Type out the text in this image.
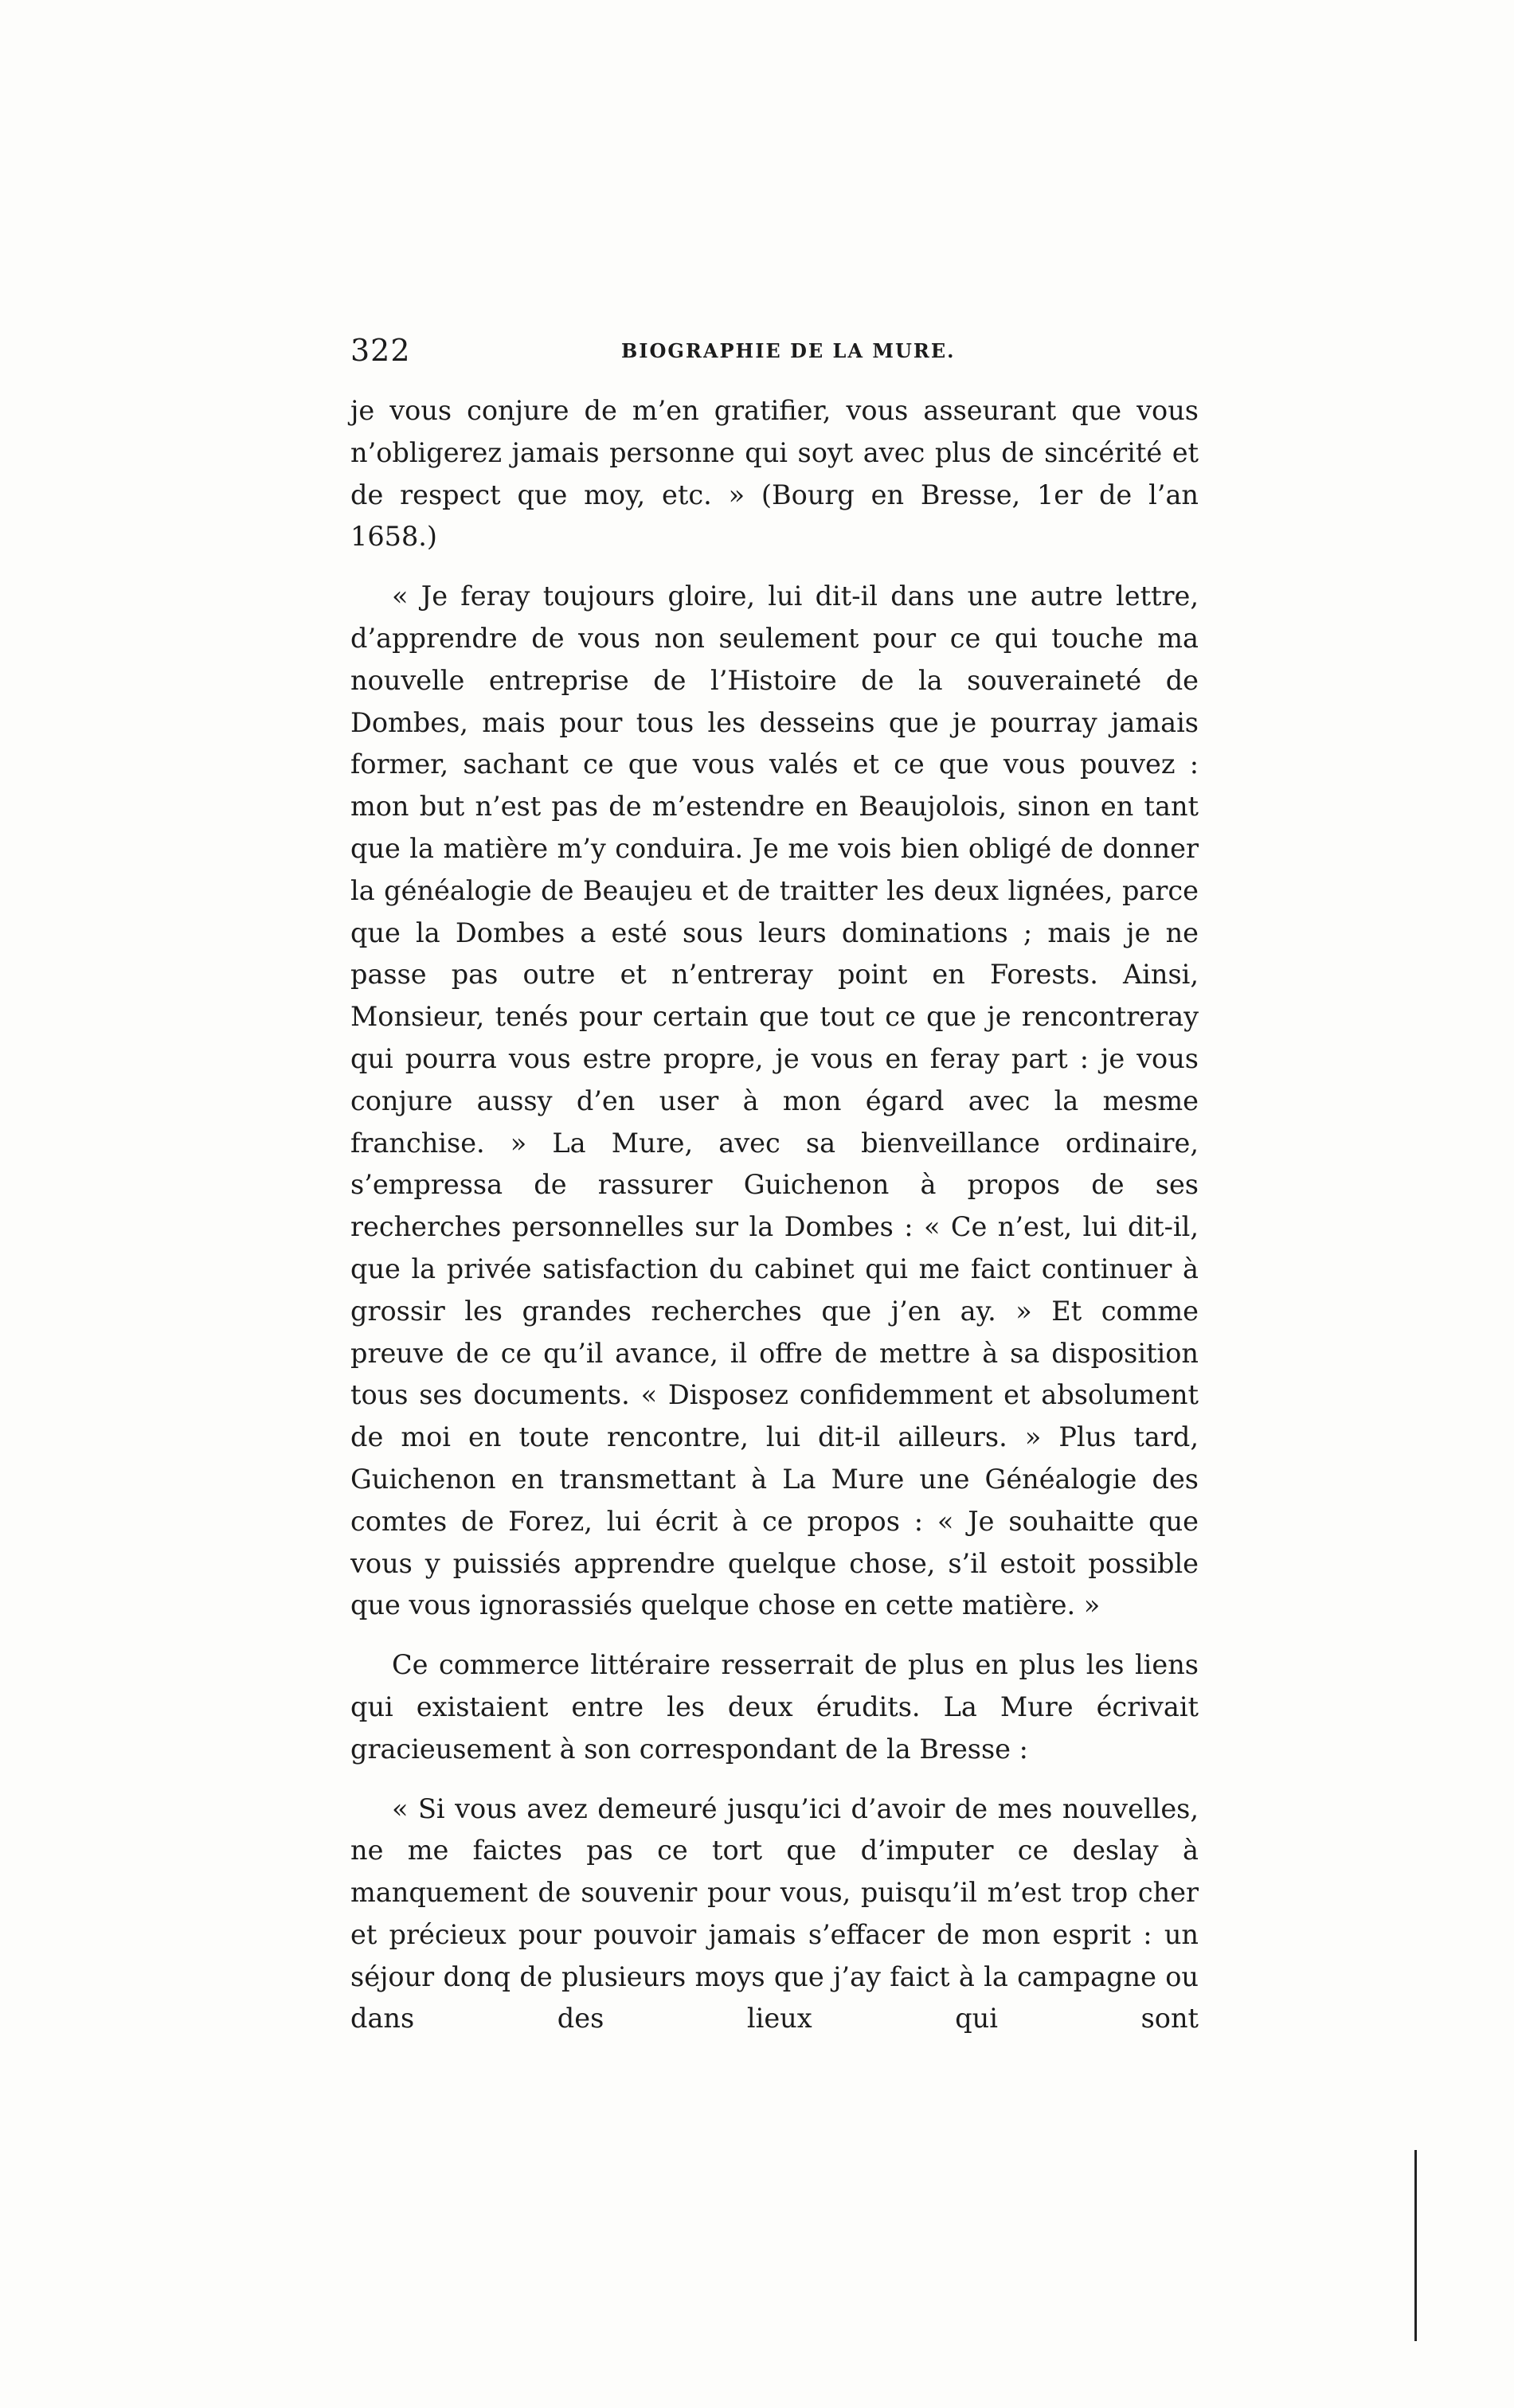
322	BIOGRAPHIE DE LA MURE.

je vous conjure de m’en gratifier, vous asseurant que vous n’obligerez jamais personne qui soyt avec plus de sincérité et de respect que moy, etc. » (Bourg en Bresse, 1er de l’an 1658.)

« Je feray toujours gloire, lui dit-il dans une autre lettre, d’apprendre de vous non seulement pour ce qui touche ma nouvelle entreprise de l’Histoire de la souveraineté de Dombes, mais pour tous les desseins que je pourray jamais former, sachant ce que vous valés et ce que vous pouvez : mon but n’est pas de m’estendre en Beaujolois, sinon en tant que la matière m’y conduira. Je me vois bien obligé de donner la généalogie de Beaujeu et de traitter les deux lignées, parce que la Dombes a esté sous leurs dominations ; mais je ne passe pas outre et n’entreray point en Forests. Ainsi, Monsieur, tenés pour certain que tout ce que je rencontreray qui pourra vous estre propre, je vous en feray part : je vous conjure aussy d’en user à mon égard avec la mesme franchise. » La Mure, avec sa bienveillance ordinaire, s’empressa de rassurer Guichenon à propos de ses recherches personnelles sur la Dombes : « Ce n’est, lui dit-il, que la privée satisfaction du cabinet qui me faict continuer à grossir les grandes recherches que j’en ay. » Et comme preuve de ce qu’il avance, il offre de mettre à sa disposition tous ses documents. « Disposez confidemment et absolument de moi en toute rencontre, lui dit-il ailleurs. » Plus tard, Guichenon en transmettant à La Mure une Généalogie des comtes de Forez, lui écrit à ce propos : « Je souhaitte que vous y puissiés apprendre quelque chose, s’il estoit possible que vous ignorassiés quelque chose en cette matière. »

Ce commerce littéraire resserrait de plus en plus les liens qui existaient entre les deux érudits. La Mure écrivait gracieusement à son correspondant de la Bresse :

« Si vous avez demeuré jusqu’ici d’avoir de mes nouvelles, ne me faictes pas ce tort que d’imputer ce deslay à manquement de souvenir pour vous, puisqu’il m’est trop cher et précieux pour pouvoir jamais s’effacer de mon esprit : un séjour donq de plusieurs moys que j’ay faict à la campagne ou dans des lieux qui sont
